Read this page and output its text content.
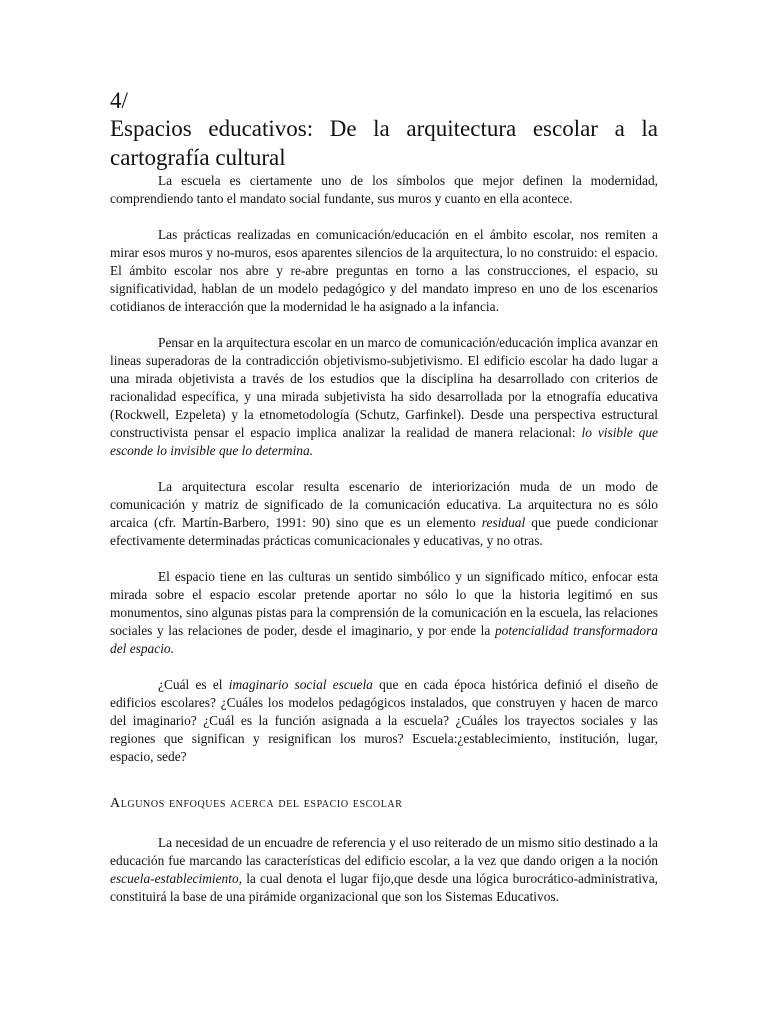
4/
Espacios educativos: De la arquitectura escolar a la cartografía cultural

La escuela es ciertamente uno de los símbolos que mejor definen la modernidad, comprendiendo tanto el mandato social fundante, sus muros y cuanto en ella acontece.

Las prácticas realizadas en comunicación/educación en el ámbito escolar, nos remiten a mirar esos muros y no-muros, esos aparentes silencios de la arquitectura, lo no construido: el espacio. El ámbito escolar nos abre y re-abre preguntas en torno a las construcciones, el espacio, su significatividad, hablan de un modelo pedagógico y del mandato impreso en uno de los escenarios cotidianos de interacción que la modernidad le ha asignado a la infancia.

Pensar en la arquitectura escolar en un marco de comunicación/educación implica avanzar en lineas superadoras de la contradicción objetivismo-subjetivismo. El edificio escolar ha dado lugar a una mirada objetivista a través de los estudios que la disciplina ha desarrollado con criterios de racionalidad específica, y una mirada subjetivista ha sido desarrollada por la etnografía educativa (Rockwell, Ezpeleta) y la etnometodología (Schutz, Garfinkel). Desde una perspectiva estructural constructivista pensar el espacio implica analizar la realidad de manera relacional: lo visible que esconde lo invisible que lo determina.

La arquitectura escolar resulta escenario de interiorización muda de un modo de comunicación y matriz de significado de la comunicación educativa. La arquitectura no es sólo arcaica (cfr. Martín-Barbero, 1991: 90) sino que es un elemento residual que puede condicionar efectivamente determinadas prácticas comunicacionales y educativas, y no otras.

El espacio tiene en las culturas un sentido simbólico y un significado mítico, enfocar esta mirada sobre el espacio escolar pretende aportar no sólo lo que la historia legitimó en sus monumentos, sino algunas pistas para la comprensión de la comunicación en la escuela, las relaciones sociales y las relaciones de poder, desde el imaginario, y por ende la potencialidad transformadora del espacio.

¿Cuál es el imaginario social escuela que en cada época histórica definió el diseño de edificios escolares? ¿Cuáles los modelos pedagógicos instalados, que construyen y hacen de marco del imaginario? ¿Cuál es la función asignada a la escuela? ¿Cuáles los trayectos sociales y las regiones que significan y resignifican los muros? Escuela:¿establecimiento, institución, lugar, espacio, sede?

Algunos enfoques acerca del espacio escolar

La necesidad de un encuadre de referencia y el uso reiterado de un mismo sitio destinado a la educación fue marcando las características del edificio escolar, a la vez que dando origen a la noción escuela-establecimiento, la cual denota el lugar fijo,que desde una lógica burocrático-administrativa, constituirá la base de una pirámide organizacional que son los Sistemas Educativos.
